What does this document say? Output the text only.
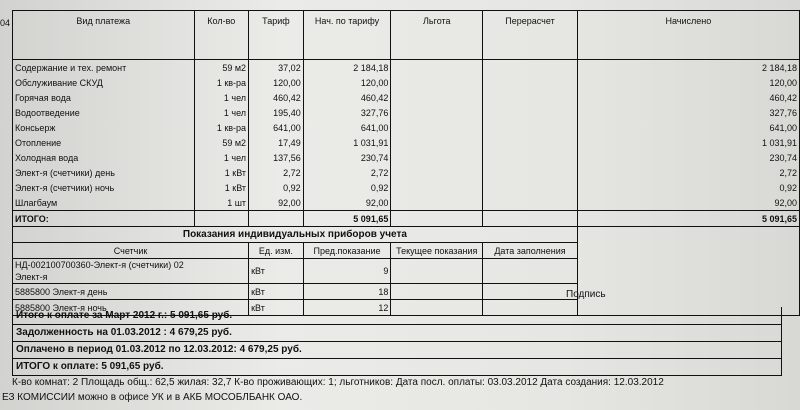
04	Вид платежа	Кол-во	Тариф	Нач. по тарифу	Льгота	Перерасчет	Начислено
Содержание и тех. ремонт	59 м2	37,02	2 184,18			2 184,18
Обслуживание СКУД	1 кв-ра	120,00	120,00			120,00
Горячая вода	1 чел	460,42	460,42			460,42
Водоотведение	1 чел	195,40	327,76			327,76
Консьерж	1 кв-ра	641,00	641,00			641,00
Отопление	59 м2	17,49	1 031,91			1 031,91
Холодная вода	1 чел	137,56	230,74			230,74
Элект-я (счетчики) день	1 кВт	2,72	2,72			2,72
Элект-я (счетчики) ночь	1 кВт	0,92	0,92			0,92
Шлагбаум	1 шт	92,00	92,00			92,00
ИТОГО:			5 091,65			5 091,65
Показания индивидуальных приборов учета						
Счетчик		Ед. изм.	Пред.показание	Текущее показания	Дата заполнения	

НД-002100700360-Элект-я (счетчики) 02
Элект-я		кВт	9			

5885800 Элект-я день		кВт	18			

5885800 Элект-я ночь		кВт	12			
Подпись
Итого к оплате за Март 2012 г.: 5 091,65 руб.
Задолженность на 01.03.2012 : 4 679,25 руб.
Оплачено в период 01.03.2012 по 12.03.2012: 4 679,25 руб.
ИТОГО к оплате: 5 091,65 руб.
К-во комнат: 2 Площадь общ.: 62,5 жилая: 32,7 К-во проживающих: 1; льготников: Дата посл. оплаты: 03.03.2012 Дата создания: 12.03.2012
ЕЗ КОМИССИИ можно в офисе УК и в АКБ МОСОБЛБАНК ОАО.
